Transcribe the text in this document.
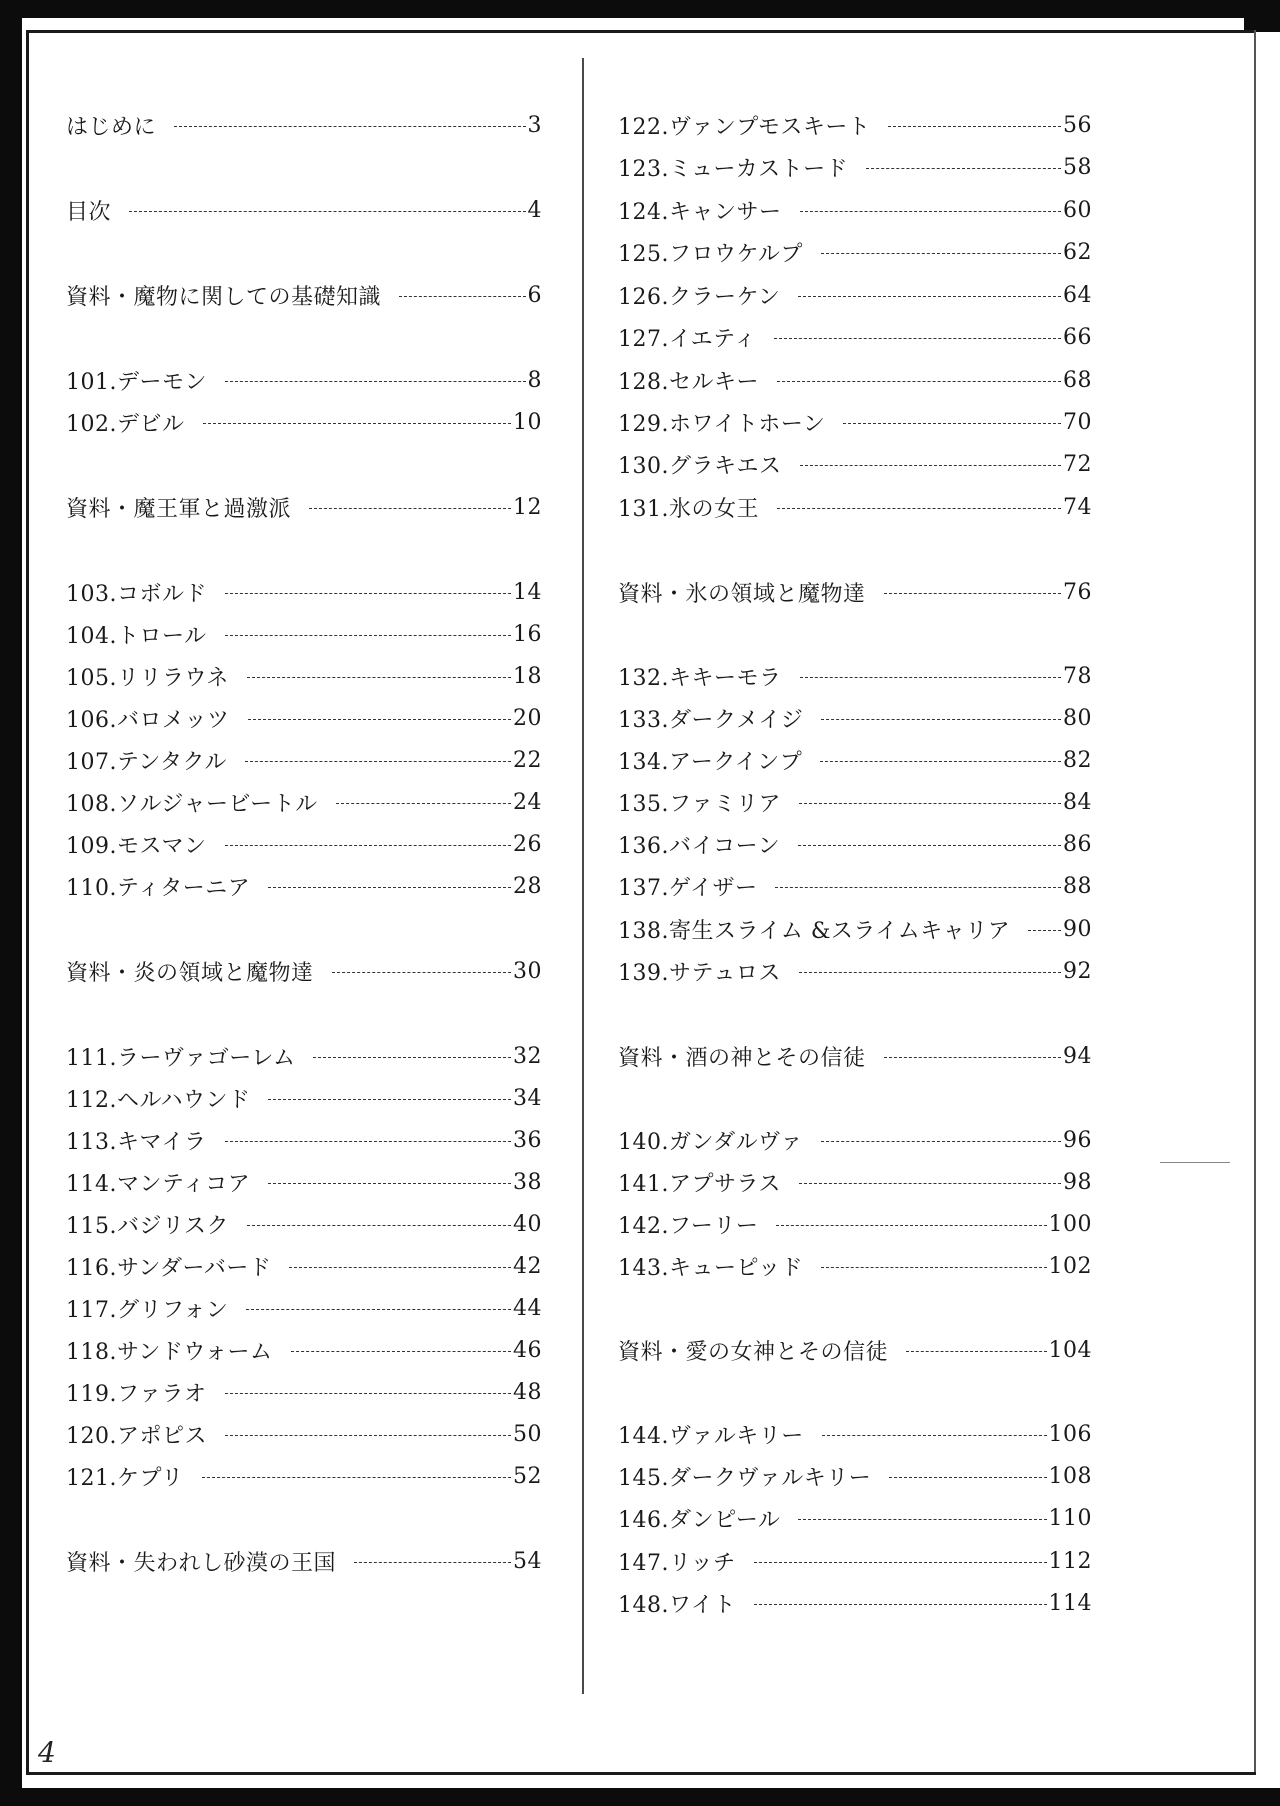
はじめに	3
目次	4
資料・魔物に関しての基礎知識	6
101.デーモン	8
102.デビル	10
資料・魔王軍と過激派	12
103.コボルド	14
104.トロール	16
105.リリラウネ	18
106.バロメッツ	20
107.テンタクル	22
108.ソルジャービートル	24
109.モスマン	26
110.ティターニア	28
資料・炎の領域と魔物達	30
111.ラーヴァゴーレム	32
112.ヘルハウンド	34
113.キマイラ	36
114.マンティコア	38
115.バジリスク	40
116.サンダーバード	42
117.グリフォン	44
118.サンドウォーム	46
119.ファラオ	48
120.アポピス	50
121.ケプリ	52
資料・失われし砂漠の王国	54
122.ヴァンプモスキート	56
123.ミューカストード	58
124.キャンサー	60
125.フロウケルプ	62
126.クラーケン	64
127.イエティ	66
128.セルキー	68
129.ホワイトホーン	70
130.グラキエス	72
131.氷の女王	74
資料・氷の領域と魔物達	76
132.キキーモラ	78
133.ダークメイジ	80
134.アークインプ	82
135.ファミリア	84
136.バイコーン	86
137.ゲイザー	88
138.寄生スライム &スライムキャリア 90
139.サテュロス	92
資料・酒の神とその信徒	94
140.ガンダルヴァ	96
141.アプサラス	98
142.フーリー	100
143.キューピッド	102
資料・愛の女神とその信徒	104
144.ヴァルキリー	106
145.ダークヴァルキリー	108
146.ダンピール	110
147.リッチ	112
148.ワイト	114
4
